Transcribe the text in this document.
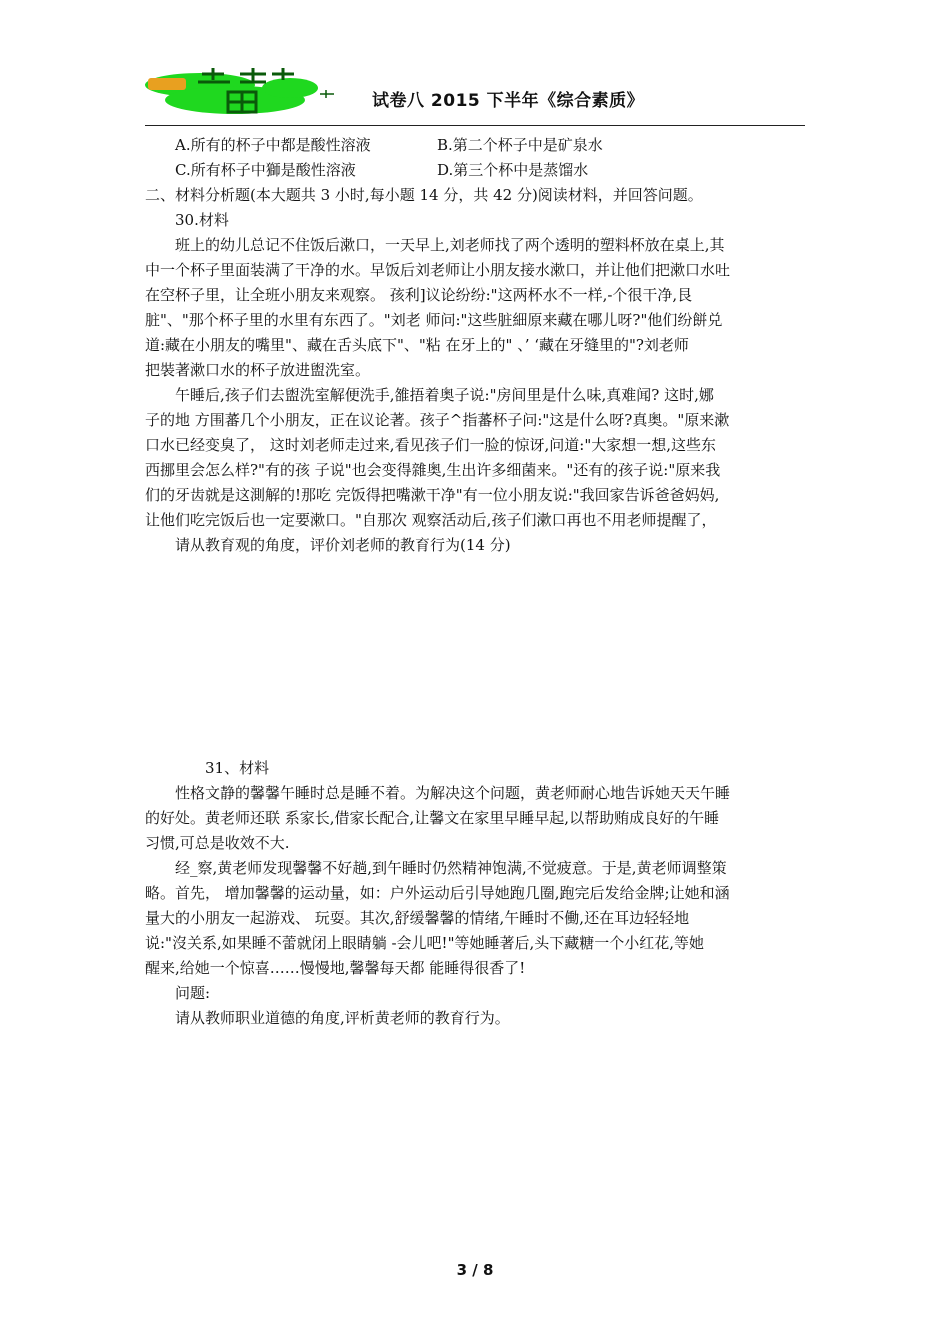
试卷八 2015 下半年《综合素质》
A.所有的杯子中都是酸性溶液	B.第二个杯子中是矿泉水
C.所有杯子中獅是酸性溶液	D.第三个杯中是蒸馏水
二、材料分析题(本大题共 3 小时,每小题 14 分，共 42 分)阅读材料，并回答问题。
30.材料
班上的幼儿总记不住饭后漱口，一天早上,刘老师找了两个透明的塑料杯放在桌上,其
中一个杯子里面装满了干净的水。早饭后刘老师让小朋友接水漱口，并让他们把漱口水吐
在空杯子里，让全班小朋友来观察。 孩利]议论纷纷:"这两杯水不一样,-个很干净,艮
脏"、"那个杯子里的水里有东西了。"刘老 师问:"这些脏細原来藏在哪儿呀?"他们纷餅兑
道:藏在小朋友的嘴里"、藏在舌头底下"、"粘 在牙上的" 、’ ‘藏在牙缝里的"?刘老师
把裝著漱口水的杯子放进盥洗室。
午睡后,孩子们去盥洗室解便洗手,雒捂着奥子说:"房间里是什么味,真难闻? 这时,娜
子的地 方围蕃几个小朋友，正在议论著。孩子^指蕃杯子问:"这是什么呀?真奥。"原来漱
口水已经变臭了， 这时刘老师走过来,看见孩子们一脸的惊讶,问道:"大家想一想,这些东
西挪里会怎么样?"有的孩 子说"也会变得雜奥,生出许多细菌来。"还有的孩子说:"原来我
们的牙齿就是这測解的!那吃 完饭得把嘴漱干净"有一位小朋友说:"我回家告诉爸爸妈妈,
让他们吃完饭后也一定要漱口。"自那次 观察活动后,孩子们漱口再也不用老师提醒了，
请从教育观的角度，评价刘老师的教育行为(14 分)
31、材料
性格文静的馨馨午睡时总是睡不着。为解决这个问题，黄老师耐心地告诉她天天午睡
的好处。黄老师还联 系家长,借家长配合,让馨文在家里早睡早起,以帮助贿成良好的午睡
习惯,可总是收效不大.
经_察,黄老师发现馨馨不好趟,到午睡时仍然精神饱满,不觉疲意。于是,黄老师调整策
略。首先， 增加馨馨的运动量，如：户外运动后引导她跑几圈,跑完后发给金牌;让她和涵
量大的小朋友一起游戏、 玩耍。其次,舒缓馨馨的情绪,午睡时不働,还在耳边轻轻地
说:"沒关系,如果睡不蕾就闭上眼睛躺 -会儿吧!"等她睡著后,头下藏糖一个小红花,等她
醒来,给她一个惊喜……慢慢地,馨馨每天都 能睡得很香了!
问题:
请从教师职业道德的角度,评析黄老师的教育行为。
3 / 8
